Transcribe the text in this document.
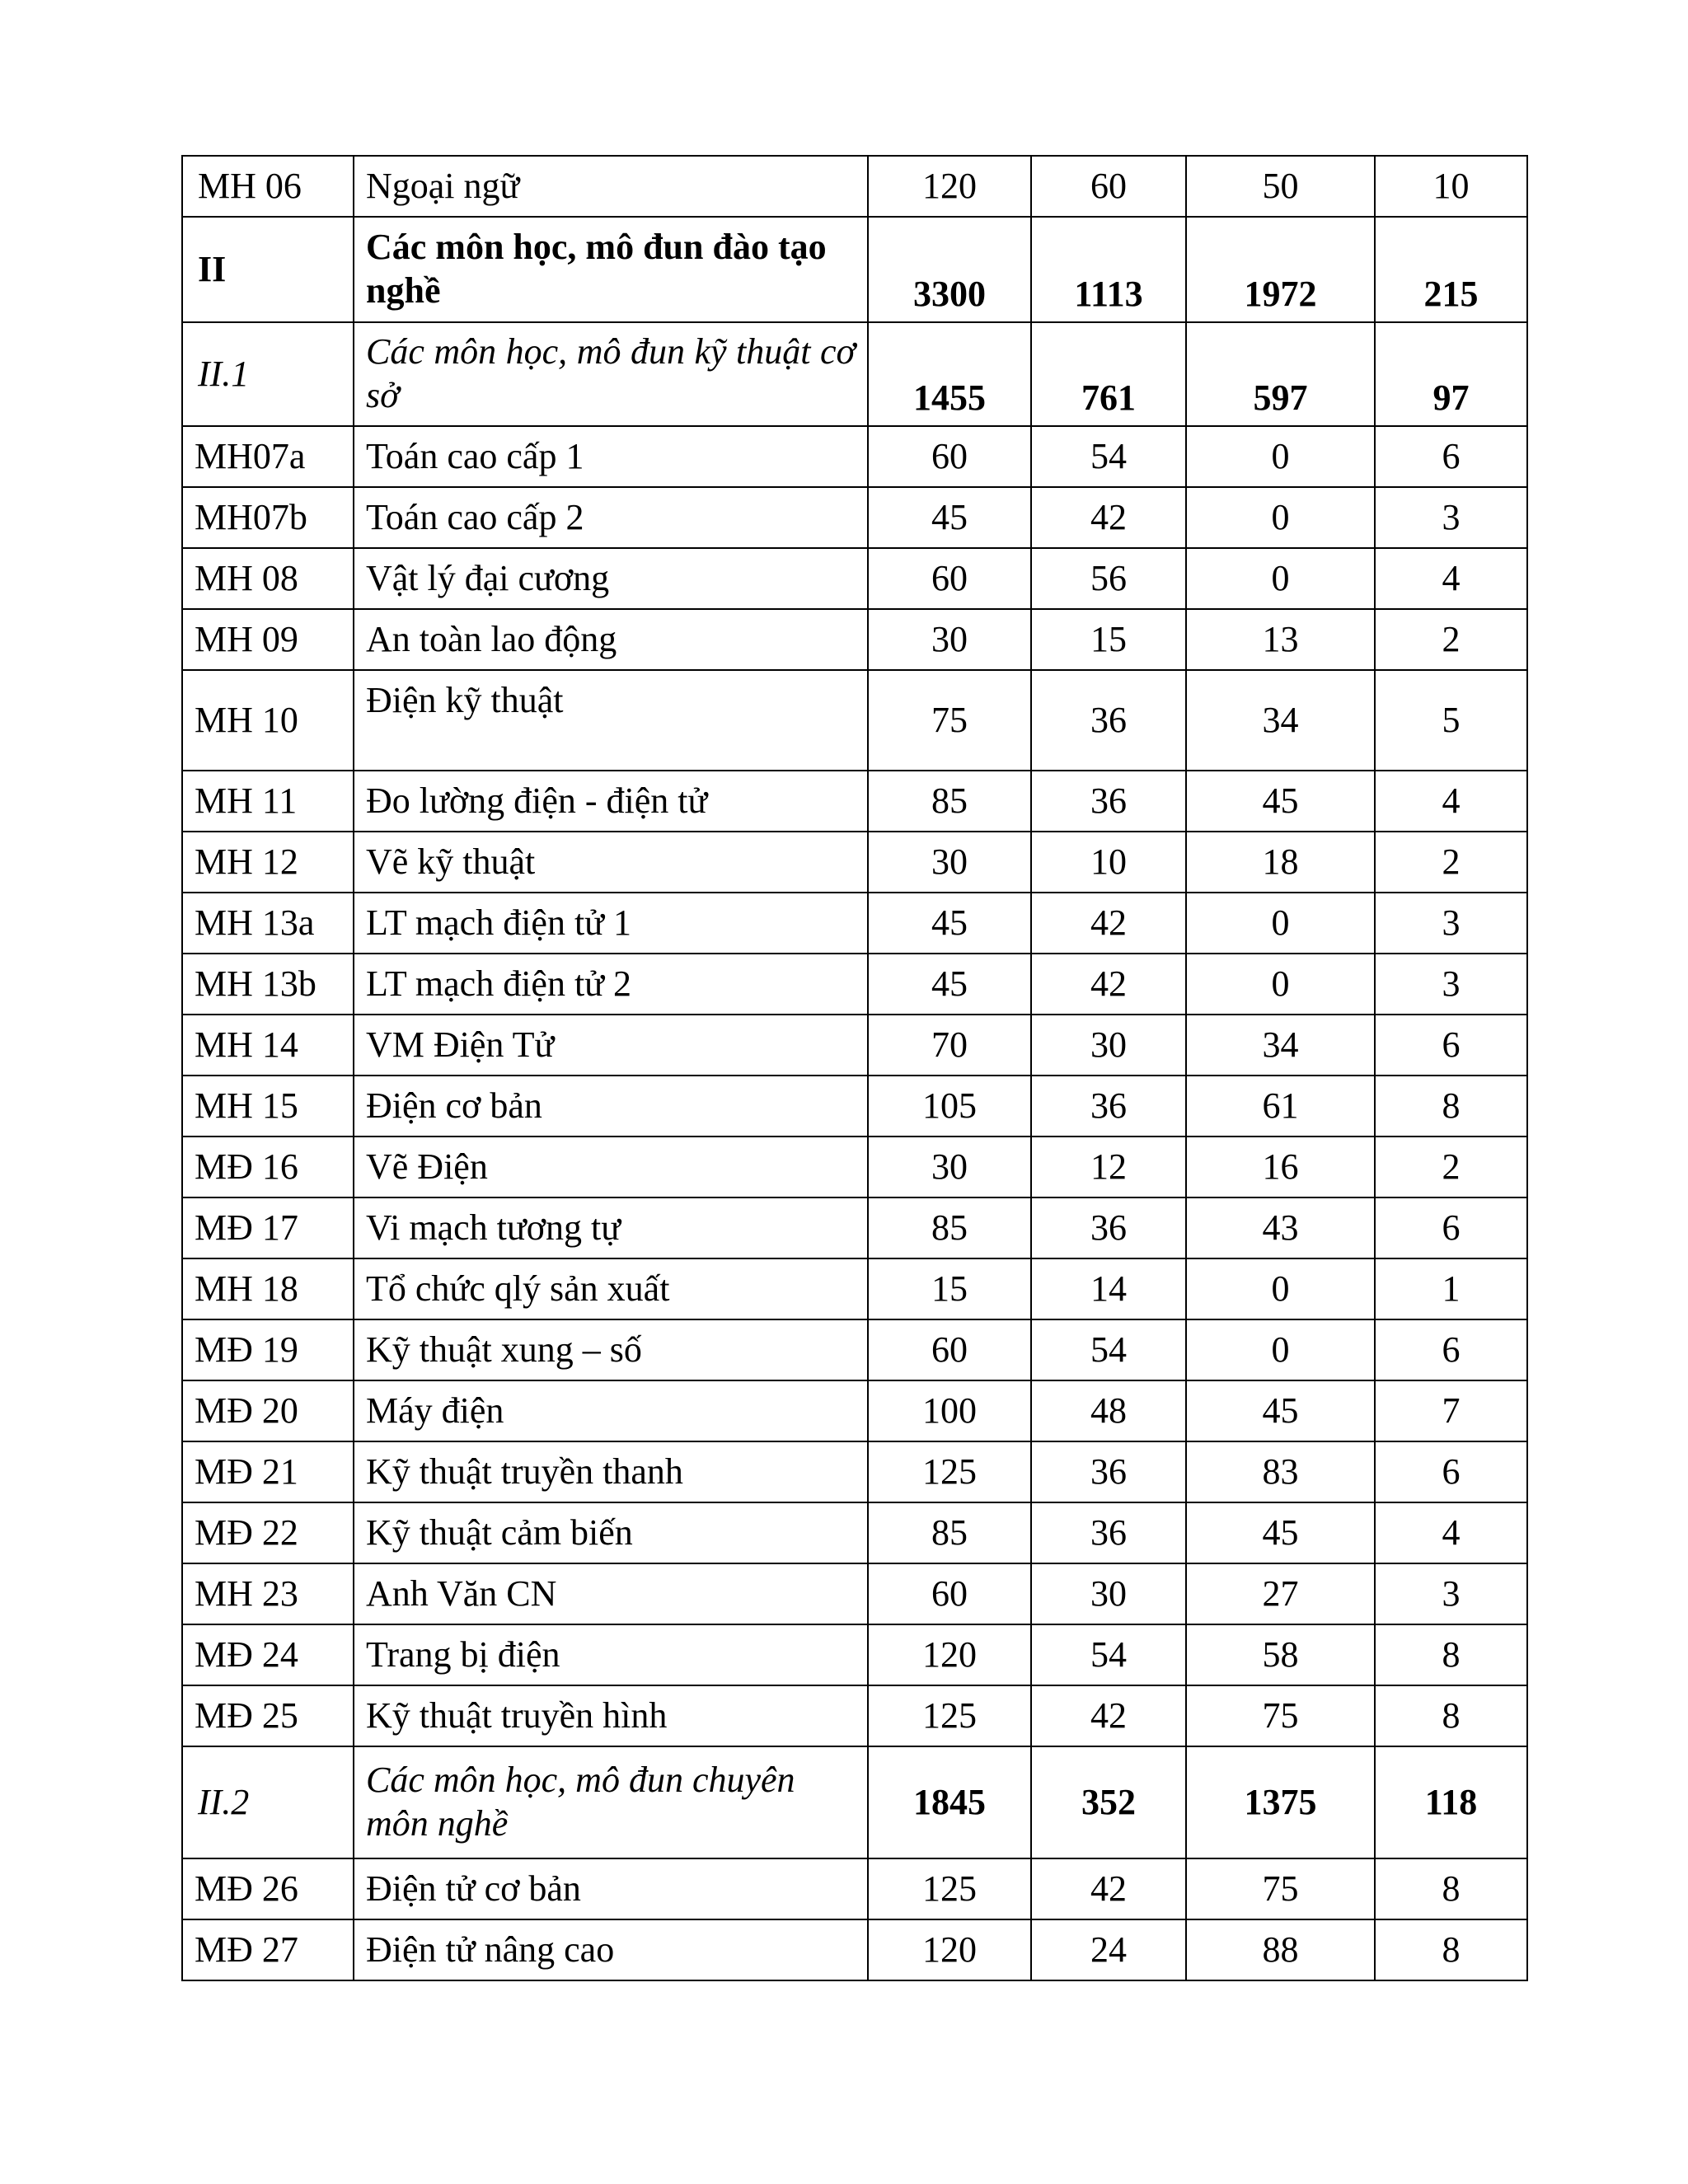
MH 06	Ngoại ngữ	120	60	50	10
II	Các môn học, mô đun đào tạo nghề	3300	1113	1972	215
II.1	Các môn học, mô đun kỹ thuật cơ sở	1455	761	597	97
MH07a	Toán cao cấp 1	60	54	0	6
MH07b	Toán cao cấp 2	45	42	0	3
MH 08	Vật lý đại cương	60	56	0	4
MH 09	An toàn lao động	30	15	13	2
MH 10	Điện kỹ thuật	75	36	34	5
MH 11	Đo lường điện - điện tử	85	36	45	4
MH 12	Vẽ kỹ thuật	30	10	18	2
MH 13a	LT mạch điện tử 1	45	42	0	3
MH 13b	LT mạch điện tử 2	45	42	0	3
MH 14	VM Điện Tử	70	30	34	6
MH 15	Điện cơ bản	105	36	61	8
MĐ 16	Vẽ Điện	30	12	16	2
MĐ 17	Vi mạch tương tự	85	36	43	6
MH 18	Tổ chức qlý sản xuất	15	14	0	1
MĐ 19	Kỹ thuật xung – số	60	54	0	6
MĐ 20	Máy điện	100	48	45	7
MĐ 21	Kỹ thuật truyền thanh	125	36	83	6
MĐ 22	Kỹ thuật cảm biến	85	36	45	4
MH 23	Anh Văn CN	60	30	27	3
MĐ 24	Trang bị điện	120	54	58	8
MĐ 25	Kỹ thuật truyền hình	125	42	75	8
II.2	Các môn học, mô đun chuyên môn nghề	1845	352	1375	118
MĐ 26	Điện tử cơ bản	125	42	75	8
MĐ 27	Điện tử nâng cao	120	24	88	8
